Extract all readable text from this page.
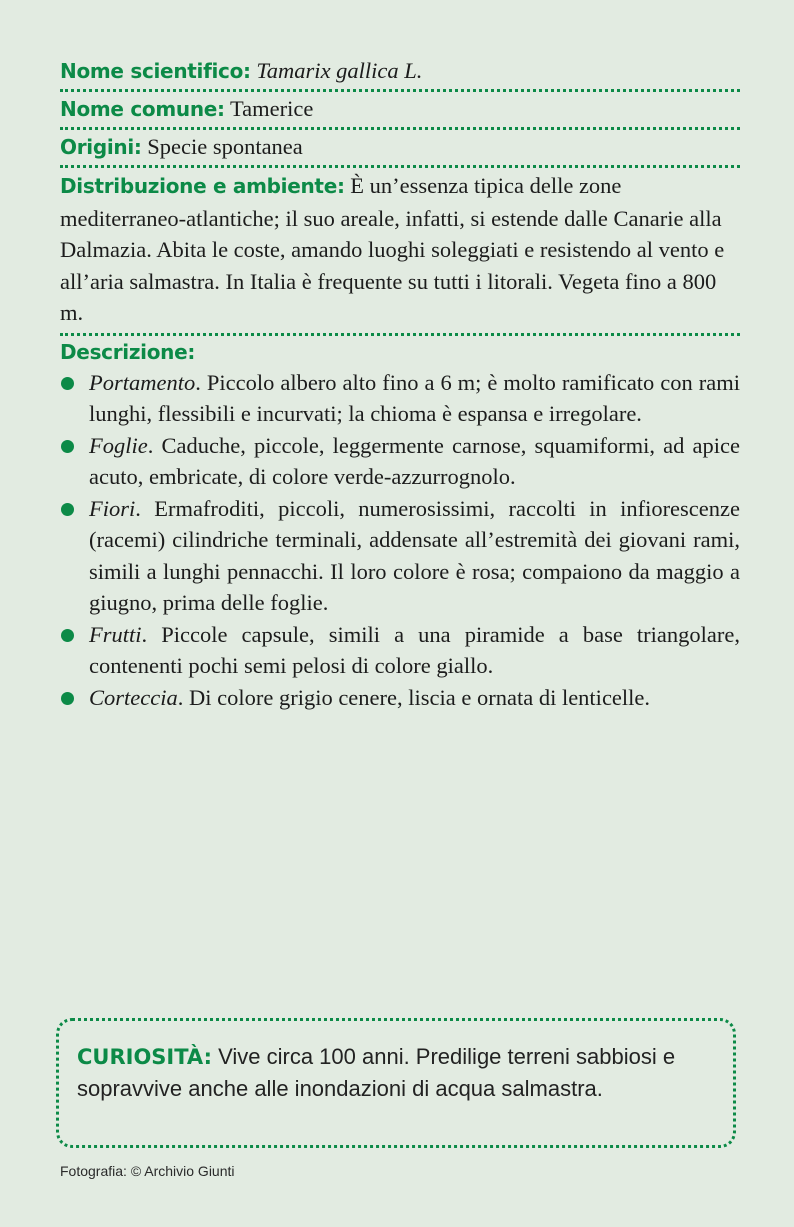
Nome scientifico: Tamarix gallica L.
Nome comune: Tamerice
Origini: Specie spontanea
Distribuzione e ambiente: È un’essenza tipica delle zone mediterraneo-atlantiche; il suo areale, infatti, si estende dalle Canarie alla Dalmazia. Abita le coste, amando luoghi soleggiati e resistendo al vento e all’aria salmastra. In Italia è frequente su tutti i litorali. Vegeta fino a 800 m.
Descrizione:
Portamento. Piccolo albero alto fino a 6 m; è molto ramificato con rami lunghi, flessibili e incurvati; la chioma è espansa e irregolare.
Foglie. Caduche, piccole, leggermente carnose, squamiformi, ad apice acuto, embricate, di colore verde-azzurrognolo.
Fiori. Ermafroditi, piccoli, numerosissimi, raccolti in infiorescenze (racemi) cilindriche terminali, addensate all’estremità dei giovani rami, simili a lunghi pennacchi. Il loro colore è rosa; compaiono da maggio a giugno, prima delle foglie.
Frutti. Piccole capsule, simili a una piramide a base triangolare, contenenti pochi semi pelosi di colore giallo.
Corteccia. Di colore grigio cenere, liscia e ornata di lenticelle.
CURIOSITÀ: Vive circa 100 anni. Predilige terreni sabbiosi e sopravvive anche alle inondazioni di acqua salmastra.
Fotografia: © Archivio Giunti
